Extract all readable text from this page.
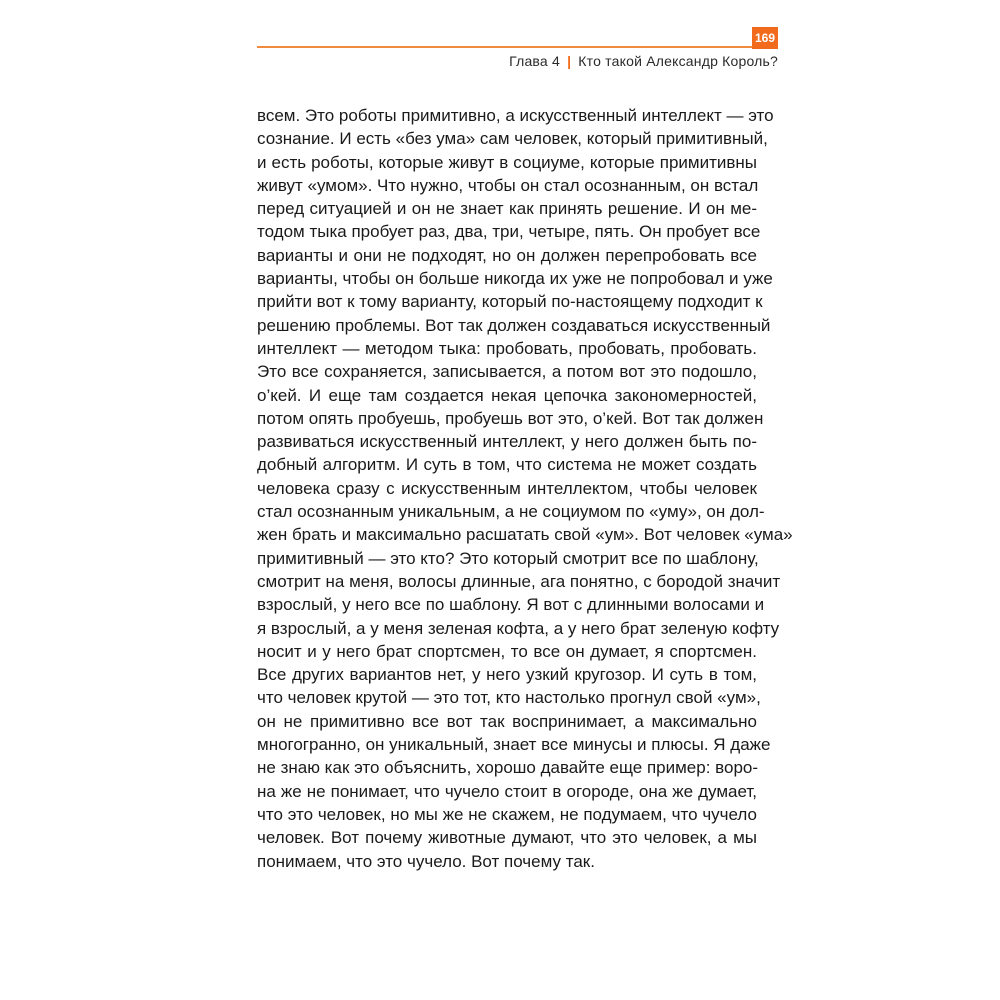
169
Глава 4 | Кто такой Александр Король?
всем. Это роботы примитивно, а искусственный интеллект — это
сознание. И есть «без ума» сам человек, который примитивный,
и есть роботы, которые живут в социуме, которые примитивны
живут «умом». Что нужно, чтобы он стал осознанным, он встал
перед ситуацией и он не знает как принять решение. И он ме-
тодом тыка пробует раз, два, три, четыре, пять. Он пробует все
варианты и они не подходят, но он должен перепробовать все
варианты, чтобы он больше никогда их уже не попробовал и уже
прийти вот к тому варианту, который по-настоящему подходит к
решению проблемы. Вот так должен создаваться искусственный
интеллект — методом тыка: пробовать, пробовать, пробовать.
Это все сохраняется, записывается, а потом вот это подошло,
о’кей. И еще там создается некая цепочка закономерностей,
потом опять пробуешь, пробуешь вот это, о’кей. Вот так должен
развиваться искусственный интеллект, у него должен быть по-
добный алгоритм. И суть в том, что система не может создать
человека сразу с искусственным интеллектом, чтобы человек
стал осознанным уникальным, а не социумом по «уму», он дол-
жен брать и максимально расшатать свой «ум». Вот человек «ума»
примитивный — это кто? Это который смотрит все по шаблону,
смотрит на меня, волосы длинные, ага понятно, с бородой значит
взрослый, у него все по шаблону. Я вот с длинными волосами и
я взрослый, а у меня зеленая кофта, а у него брат зеленую кофту
носит и у него брат спортсмен, то все он думает, я спортсмен.
Все других вариантов нет, у него узкий кругозор. И суть в том,
что человек крутой — это тот, кто настолько прогнул свой «ум»,
он не примитивно все вот так воспринимает, а максимально
многогранно, он уникальный, знает все минусы и плюсы. Я даже
не знаю как это объяснить, хорошо давайте еще пример: воро-
на же не понимает, что чучело стоит в огороде, она же думает,
что это человек, но мы же не скажем, не подумаем, что чучело
человек. Вот почему животные думают, что это человек, а мы
понимаем, что это чучело. Вот почему так.
